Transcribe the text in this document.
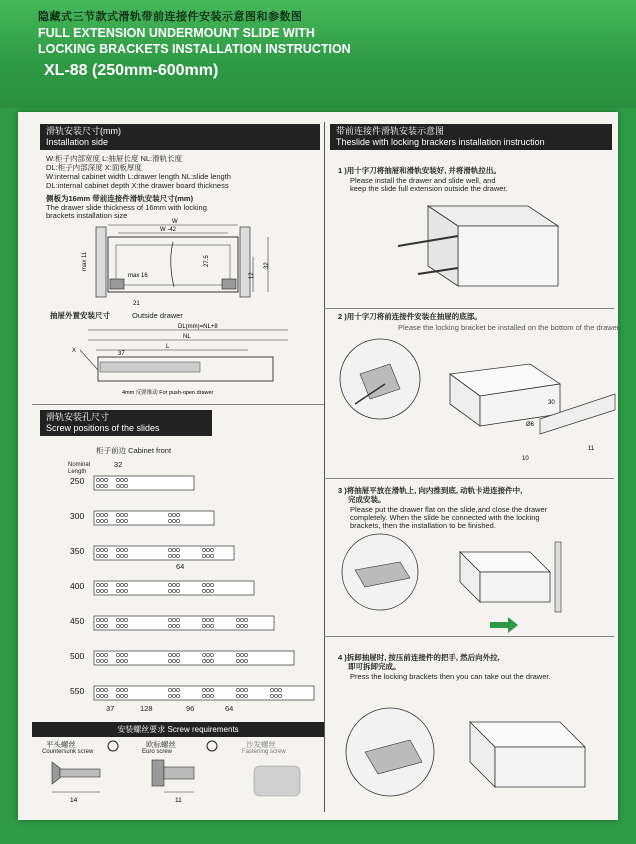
隐藏式三节款式滑轨带前连接件安装示意图和参数图
FULL EXTENSION UNDERMOUNT SLIDE WITH
LOCKING BRACKETS INSTALLATION INSTRUCTION
XL-88 (250mm-600mm)
滑轨安装尺寸(mm)
Installation side
W:柜子内部宽度 L:抽屉长度 NL:滑轨长度
DL:柜子内部深度 X:面板厚度
W:internal cabinet width L:drawer length NL:slide length
DL:internal cabinet depth X:the drawer board thickness
侧板为16mm 带前连接件滑轨安装尺寸(mm)
The drawer slide thickness of 16mm with locking
brackets installation size
W
W -42
max 11
max 16
21
27.5
12
32
抽屉外置安装尺寸	Outside drawer
DL(mm)=NL+8
NL
L
37
X
4mm 反弹推动 For push-open drawer
滑轨安装孔尺寸
Screw positions of the slides
柜子前边 Cabinet front
Nominal Length
32
250
300
350
400
450
500
550
64
37	128	96	64
安装螺丝要求 Screw requirements
平头螺丝
Countersunk screw
欧标螺丝
Euro screw
沙发螺丝
Fastening screw
14	11
带前连接件滑轨安装示意图
Theslide with locking brackers installation instruction
1 )用十字刀将抽屉和滑轨安装好, 并将滑轨拉出。
Please install the drawer and slide well, and
keep the slide full extension outside the drawer.
2 )用十字刀将前连接件安装在抽屉的底部。
Please the locking bracket be installed on the bottom of the drawer.
30
Ø6
10
11
3 )将抽屉平放在滑轨上, 向内推到底, 动轨卡进连接件中,
完成安装。
Please put the drawer flat on the slide,and close the drawer
completely. When the slide be connected with the locking
brackets, then the installation to be finished.
4 )拆卸抽屉时, 按压前连接件的把手, 然后向外拉,
即可拆卸完成。
Press the locking brackets then you can take out the drawer.
